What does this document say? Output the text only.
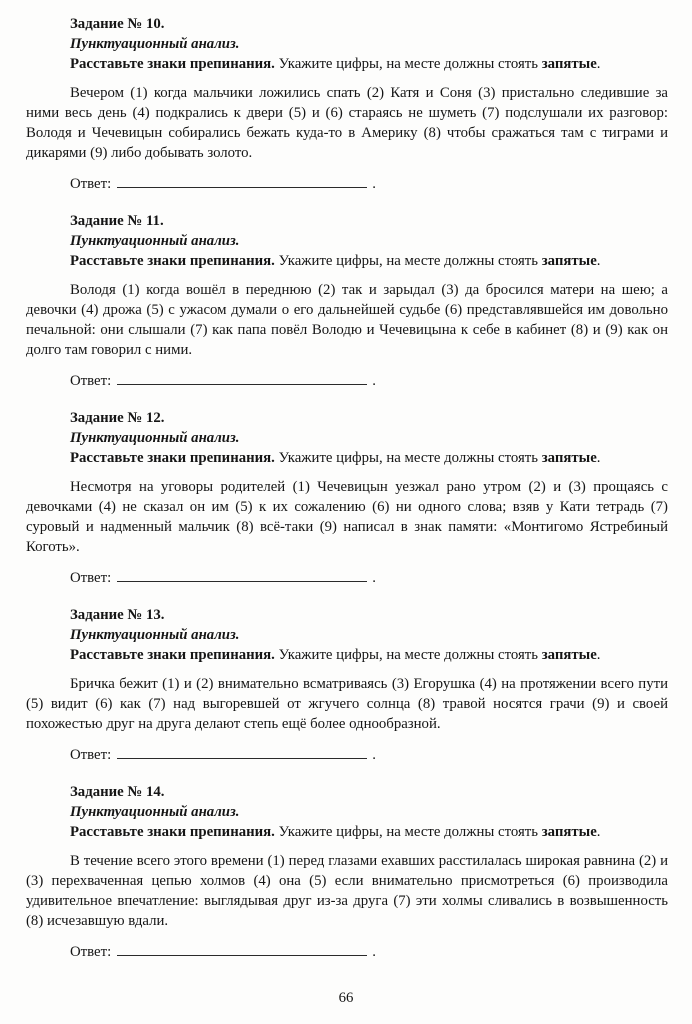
Задание № 10.

Пунктуационный анализ.

Расставьте знаки препинания. Укажите цифры, на месте должны стоять запятые.

Вечером (1) когда мальчики ложились спать (2) Катя и Соня (3) пристально следившие за ними весь день (4) подкрались к двери (5) и (6) стараясь не шуметь (7) подслушали их разговор: Володя и Чечевицын собирались бежать куда-то в Америку (8) чтобы сражаться там с тиграми и дикарями (9) либо добывать золото.

Ответ:	.

Задание № 11.

Пунктуационный анализ.

Расставьте знаки препинания. Укажите цифры, на месте должны стоять запятые.

Володя (1) когда вошёл в переднюю (2) так и зарыдал (3) да бросился матери на шею; а девочки (4) дрожа (5) с ужасом думали о его дальнейшей судьбе (6) представлявшейся им довольно печальной: они слышали (7) как папа повёл Володю и Чечевицына к себе в кабинет (8) и (9) как он долго там говорил с ними.

Ответ:	.

Задание № 12.

Пунктуационный анализ.

Расставьте знаки препинания. Укажите цифры, на месте должны стоять запятые.

Несмотря на уговоры родителей (1) Чечевицын уезжал рано утром (2) и (3) прощаясь с девочками (4) не сказал он им (5) к их сожалению (6) ни одного слова; взяв у Кати тетрадь (7) суровый и надменный мальчик (8) всё-таки (9) написал в знак памяти: «Монтигомо Ястребиный Коготь».

Ответ:	.

Задание № 13.

Пунктуационный анализ.

Расставьте знаки препинания. Укажите цифры, на месте должны стоять запятые.

Бричка бежит (1) и (2) внимательно всматриваясь (3) Егорушка (4) на протяжении всего пути (5) видит (6) как (7) над выгоревшей от жгучего солнца (8) травой носятся грачи (9) и своей похожестью друг на друга делают степь ещё более однообразной.

Ответ:	.

Задание № 14.

Пунктуационный анализ.

Расставьте знаки препинания. Укажите цифры, на месте должны стоять запятые.

В течение всего этого времени (1) перед глазами ехавших расстилалась широкая равнина (2) и (3) перехваченная цепью холмов (4) она (5) если внимательно присмотреться (6) производила удивительное впечатление: выглядывая друг из-за друга (7) эти холмы сливались в возвышенность (8) исчезавшую вдали.

Ответ:	.

66
